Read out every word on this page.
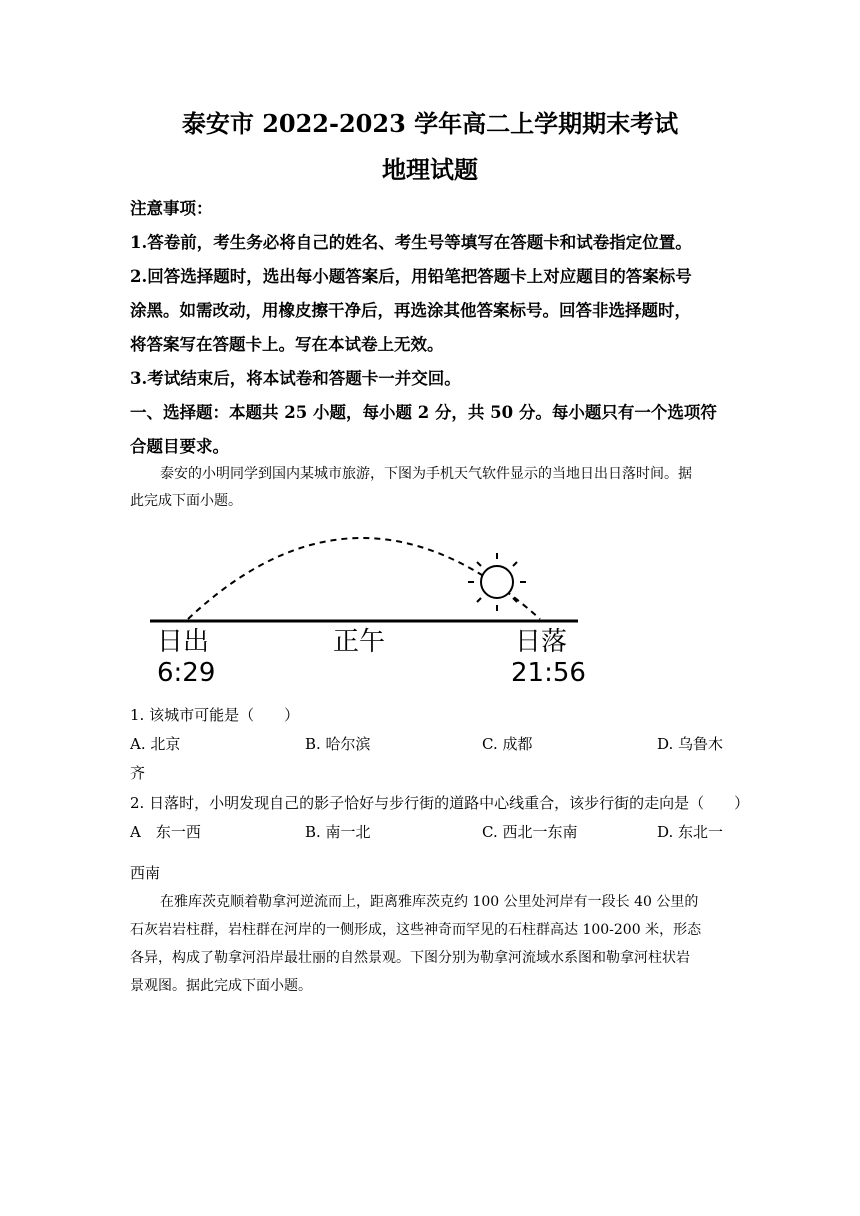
泰安市 2022-2023 学年高二上学期期末考试
地理试题

注意事项：

1.答卷前，考生务必将自己的姓名、考生号等填写在答题卡和试卷指定位置。

2.回答选择题时，选出每小题答案后，用铅笔把答题卡上对应题目的答案标号

涂黑。如需改动，用橡皮擦干净后，再选涂其他答案标号。回答非选择题时，

将答案写在答题卡上。写在本试卷上无效。

3.考试结束后，将本试卷和答题卡一并交回。

一、选择题：本题共 25 小题，每小题 2 分，共 50 分。每小题只有一个选项符

合题目要求。

泰安的小明同学到国内某城市旅游，下图为手机天气软件显示的当地日出日落时间。据

此完成下面小题。

日出
6:29
正午	日落
21:56
1. 该城市可能是（　　）
A. 北京	B. 哈尔滨	C. 成都	D. 乌鲁木
齐
2. 日落时，小明发现自己的影子恰好与步行街的道路中心线重合，该步行街的走向是（　　）
A　东一西	B. 南一北	C. 西北一东南	D. 东北一
西南

在雅库茨克顺着勒拿河逆流而上，距离雅库茨克约 100 公里处河岸有一段长 40 公里的

石灰岩岩柱群，岩柱群在河岸的一侧形成，这些神奇而罕见的石柱群高达 100-200 米，形态

各异，构成了勒拿河沿岸最壮丽的自然景观。下图分别为勒拿河流域水系图和勒拿河柱状岩

景观图。据此完成下面小题。
